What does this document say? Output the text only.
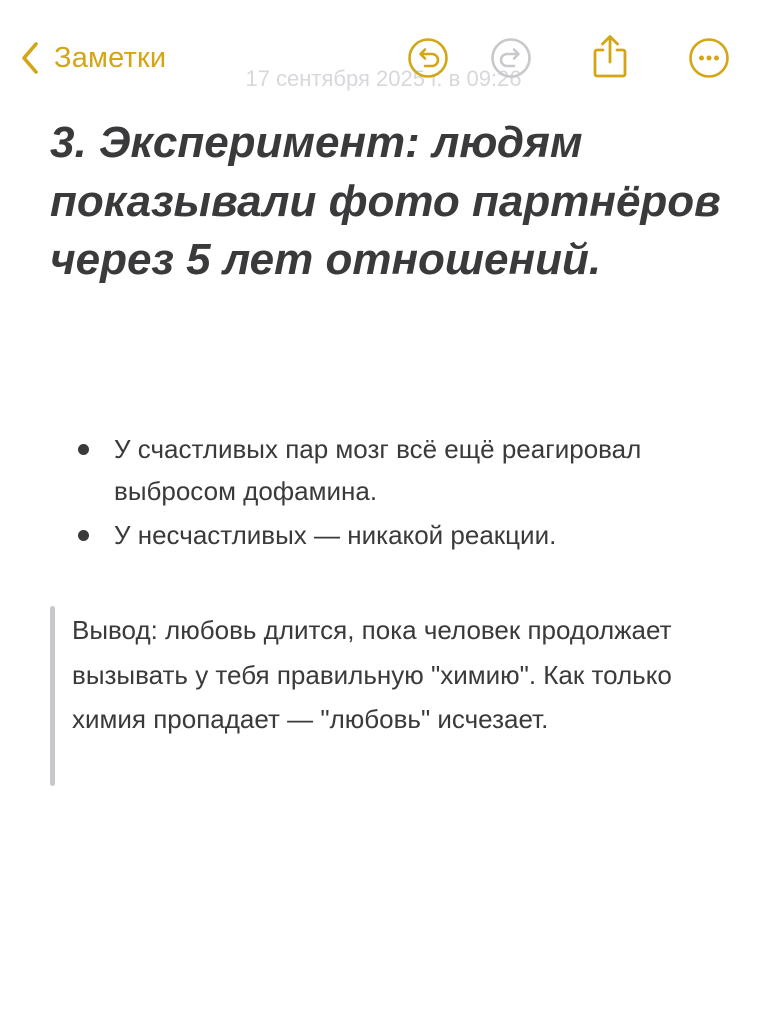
17 сентября 2025 г. в 09:26
Заметки
3. Эксперимент: людям показывали фото партнёров через 5 лет отношений.
У счастливых пар мозг всё ещё реагировал выбросом дофамина.
У несчастливых — никакой реакции.
Вывод: любовь длится, пока человек продолжает вызывать у тебя правильную "химию". Как только химия пропадает — "любовь" исчезает.
